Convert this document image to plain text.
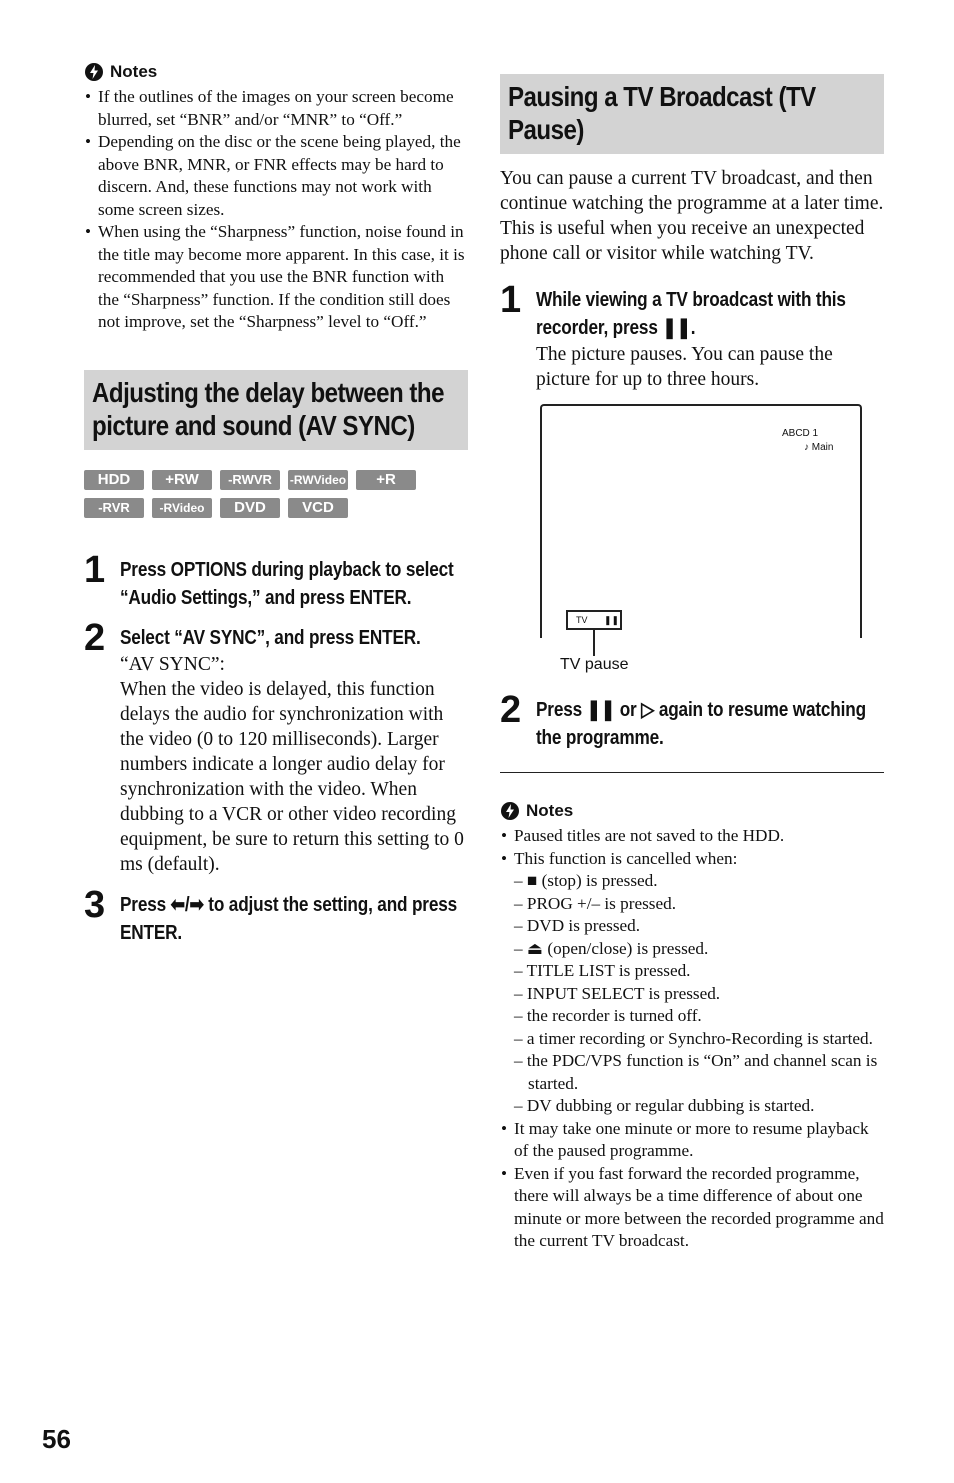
Notes
• If the outlines of the images on your screen become blurred, set “BNR” and/or “MNR” to “Off.”
• Depending on the disc or the scene being played, the above BNR, MNR, or FNR effects may be hard to discern. And, these functions may not work with some screen sizes.
• When using the “Sharpness” function, noise found in the title may become more apparent. In this case, it is recommended that you use the BNR function with the “Sharpness” function. If the condition still does not improve, set the “Sharpness” level to “Off.”
Adjusting the delay between the picture and sound (AV SYNC)
HDD	+RW	-RWVR	-RWVideo	+R
-RVR	-RVideo	DVD	VCD
1 Press OPTIONS during playback to select “Audio Settings,” and press ENTER.
2 Select “AV SYNC”, and press ENTER.
“AV SYNC”:
When the video is delayed, this function delays the audio for synchronization with the video (0 to 120 milliseconds). Larger numbers indicate a longer audio delay for synchronization with the video. When dubbing to a VCR or other video recording equipment, be sure to return this setting to 0 ms (default).
3 Press ⬅/➡ to adjust the setting, and press ENTER.
Pausing a TV Broadcast (TV Pause)
You can pause a current TV broadcast, and then continue watching the programme at a later time. This is useful when you receive an unexpected phone call or visitor while watching TV.
1 While viewing a TV broadcast with this recorder, press ❚❚.
The picture pauses. You can pause the picture for up to three hours.
ABCD 1
♪ Main
TV ❚❚
TV pause
2 Press ❚❚ or ▷ again to resume watching the programme.
Notes
• Paused titles are not saved to the HDD.
• This function is cancelled when:
– ■ (stop) is pressed.
– PROG +/– is pressed.
– DVD is pressed.
– ⏏ (open/close) is pressed.
– TITLE LIST is pressed.
– INPUT SELECT is pressed.
– the recorder is turned off.
– a timer recording or Synchro-Recording is started.
– the PDC/VPS function is “On” and channel scan is started.
– DV dubbing or regular dubbing is started.
• It may take one minute or more to resume playback of the paused programme.
• Even if you fast forward the recorded programme, there will always be a time difference of about one minute or more between the recorded programme and the current TV broadcast.
56
